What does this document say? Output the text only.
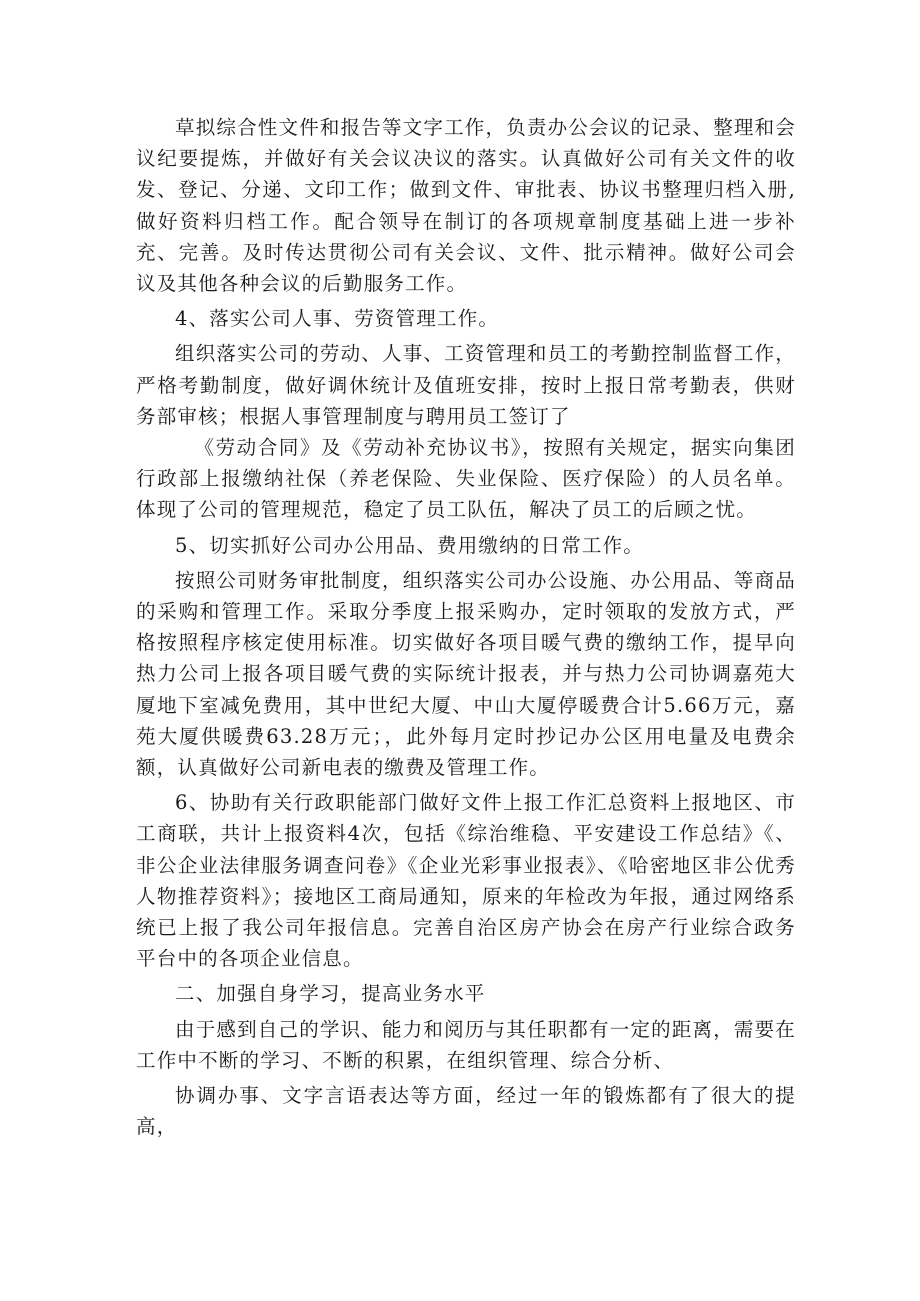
草拟综合性文件和报告等文字工作，负责办公会议的记录、整理和会议纪要提炼，并做好有关会议决议的落实。认真做好公司有关文件的收发、登记、分递、文印工作；做到文件、审批表、协议书整理归档入册,做好资料归档工作。配合领导在制订的各项规章制度基础上进一步补充、完善。及时传达贯彻公司有关会议、文件、批示精神。做好公司会议及其他各种会议的后勤服务工作。

4、落实公司人事、劳资管理工作。

组织落实公司的劳动、人事、工资管理和员工的考勤控制监督工作，严格考勤制度，做好调休统计及值班安排，按时上报日常考勤表，供财务部审核；根据人事管理制度与聘用员工签订了

《劳动合同》及《劳动补充协议书》，按照有关规定，据实向集团行政部上报缴纳社保（养老保险、失业保险、医疗保险）的人员名单。体现了公司的管理规范，稳定了员工队伍，解决了员工的后顾之忧。

5、切实抓好公司办公用品、费用缴纳的日常工作。

按照公司财务审批制度，组织落实公司办公设施、办公用品、等商品的采购和管理工作。采取分季度上报采购办，定时领取的发放方式，严格按照程序核定使用标准。切实做好各项目暖气费的缴纳工作，提早向热力公司上报各项目暖气费的实际统计报表，并与热力公司协调嘉苑大厦地下室减免费用，其中世纪大厦、中山大厦停暖费合计5.66万元，嘉苑大厦供暖费63.28万元；，此外每月定时抄记办公区用电量及电费余额，认真做好公司新电表的缴费及管理工作。

6、协助有关行政职能部门做好文件上报工作汇总资料上报地区、市工商联，共计上报资料4次，包括《综治维稳、平安建设工作总结》《、非公企业法律服务调查问卷》《企业光彩事业报表》、《哈密地区非公优秀人物推荐资料》；接地区工商局通知，原来的年检改为年报，通过网络系统已上报了我公司年报信息。完善自治区房产协会在房产行业综合政务平台中的各项企业信息。

二、加强自身学习，提高业务水平

由于感到自己的学识、能力和阅历与其任职都有一定的距离，需要在工作中不断的学习、不断的积累，在组织管理、综合分析、

协调办事、文字言语表达等方面，经过一年的锻炼都有了很大的提高，
